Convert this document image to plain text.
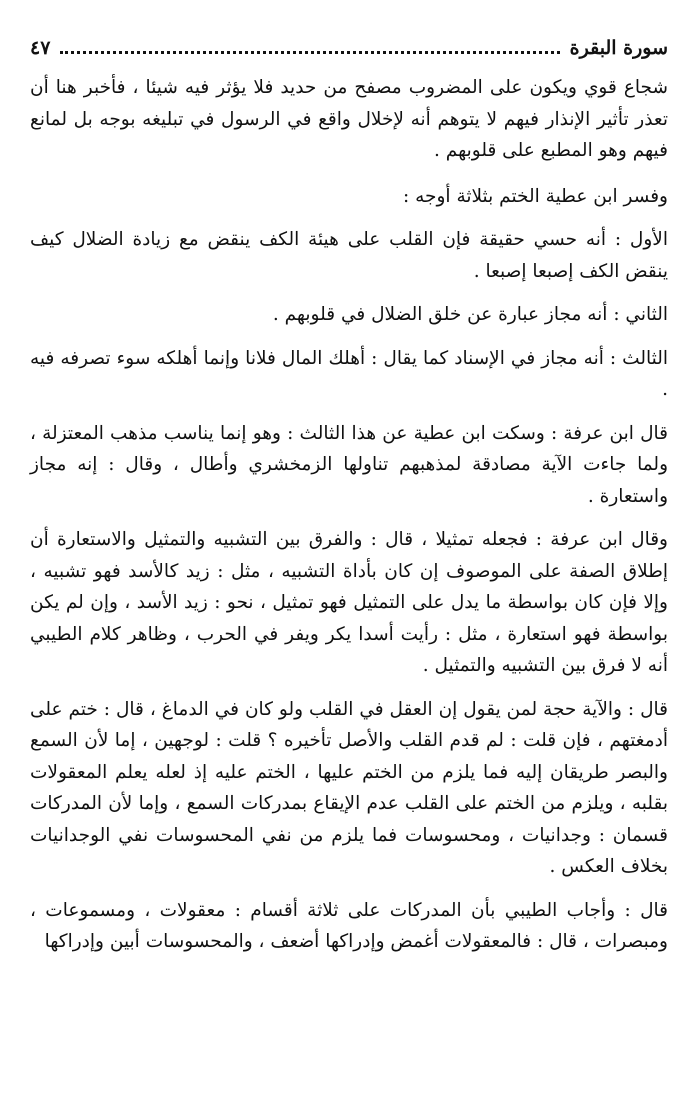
سورة البقرة
٤٧

شجاع قوي ويكون على المضروب مصفح من حديد فلا يؤثر فيه شيئا ، فأخبر هنا أن تعذر تأثير الإنذار فيهم لا يتوهم أنه لإخلال واقع في الرسول في تبليغه بوجه بل لمانع فيهم وهو المطبع على قلوبهم .

وفسر ابن عطية الختم بثلاثة أوجه :

الأول : أنه حسي حقيقة فإن القلب على هيئة الكف ينقض مع زيادة الضلال كيف ينقض الكف إصبعا إصبعا .

الثاني : أنه مجاز عبارة عن خلق الضلال في قلوبهم .

الثالث : أنه مجاز في الإسناد كما يقال : أهلك المال فلانا وإنما أهلكه سوء تصرفه فيه .

قال ابن عرفة : وسكت ابن عطية عن هذا الثالث : وهو إنما يناسب مذهب المعتزلة ، ولما جاءت الآية مصادقة لمذهبهم تناولها الزمخشري وأطال ، وقال : إنه مجاز واستعارة .

وقال ابن عرفة : فجعله تمثيلا ، قال : والفرق بين التشبيه والتمثيل والاستعارة أن إطلاق الصفة على الموصوف إن كان بأداة التشبيه ، مثل : زيد كالأسد فهو تشبيه ، وإلا فإن كان بواسطة ما يدل على التمثيل فهو تمثيل ، نحو : زيد الأسد ، وإن لم يكن بواسطة فهو استعارة ، مثل : رأيت أسدا يكر ويفر في الحرب ، وظاهر كلام الطيبي أنه لا فرق بين التشبيه والتمثيل .

قال : والآية حجة لمن يقول إن العقل في القلب ولو كان في الدماغ ، قال : ختم على أدمغتهم ، فإن قلت : لم قدم القلب والأصل تأخيره ؟ قلت : لوجهين ، إما لأن السمع والبصر طريقان إليه فما يلزم من الختم عليها ، الختم عليه إذ لعله يعلم المعقولات بقلبه ، ويلزم من الختم على القلب عدم الإيقاع بمدركات السمع ، وإما لأن المدركات قسمان : وجدانيات ، ومحسوسات فما يلزم من نفي المحسوسات نفي الوجدانيات بخلاف العكس .

قال : وأجاب الطيبي بأن المدركات على ثلاثة أقسام : معقولات ، ومسموعات ، ومبصرات ، قال : فالمعقولات أغمض وإدراكها أضعف ، والمحسوسات أبين وإدراكها
